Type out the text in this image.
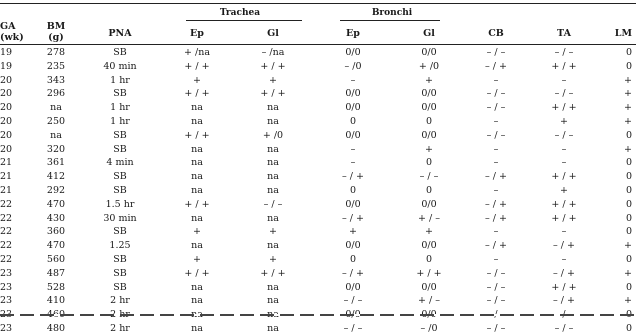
Trachea	Bronchi
GA
(wk)
BM
(g)	PNA	Ep	Gl	Ep	Gl	CB	TA	LM
19	278	SB	+ /na	– /na	0/0	0/0	– / –	– / –	0
19	235	40 min	+ / +	+ / +	– /0	+ /0	– / +	+ / +	0
20	343	1 hr	+	+	–	+	–	–	+
20	296	SB	+ / +	+ / +	0/0	0/0	– / –	– / –	+
20	na	1 hr	na	na	0/0	0/0	– / –	+ / +	+
20	250	1 hr	na	na	0	0	–	+	+
20	na	SB	+ / +	+ /0	0/0	0/0	– / –	– / –	0
20	320	SB	na	na	–	+	–	–	+
21	361	4 min	na	na	–	0	–	–	0
21	412	SB	na	na	– / +	– / –	– / +	+ / +	0
21	292	SB	na	na	0	0	–	+	0
22	470	1.5 hr	+ / +	– / –	0/0	0/0	– / +	+ / +	0
22	430	30 min	na	na	– / +	+ / –	– / +	+ / +	0
22	360	SB	+	+	+	+	–	–	0
22	470	1.25	na	na	0/0	0/0	– / +	– / +	+
22	560	SB	+	+	0	0	–	–	0
23	487	SB	+ / +	+ / +	– / +	+ / +	– / –	– / +	+
23	528	SB	na	na	0/0	0/0	– / –	+ / +	0
23	410	2 hr	na	na	– / –	+ / –	– / –	– / +	+

23	480	2 hr	na	na	– / –	– /0	– / –	– / –	0
